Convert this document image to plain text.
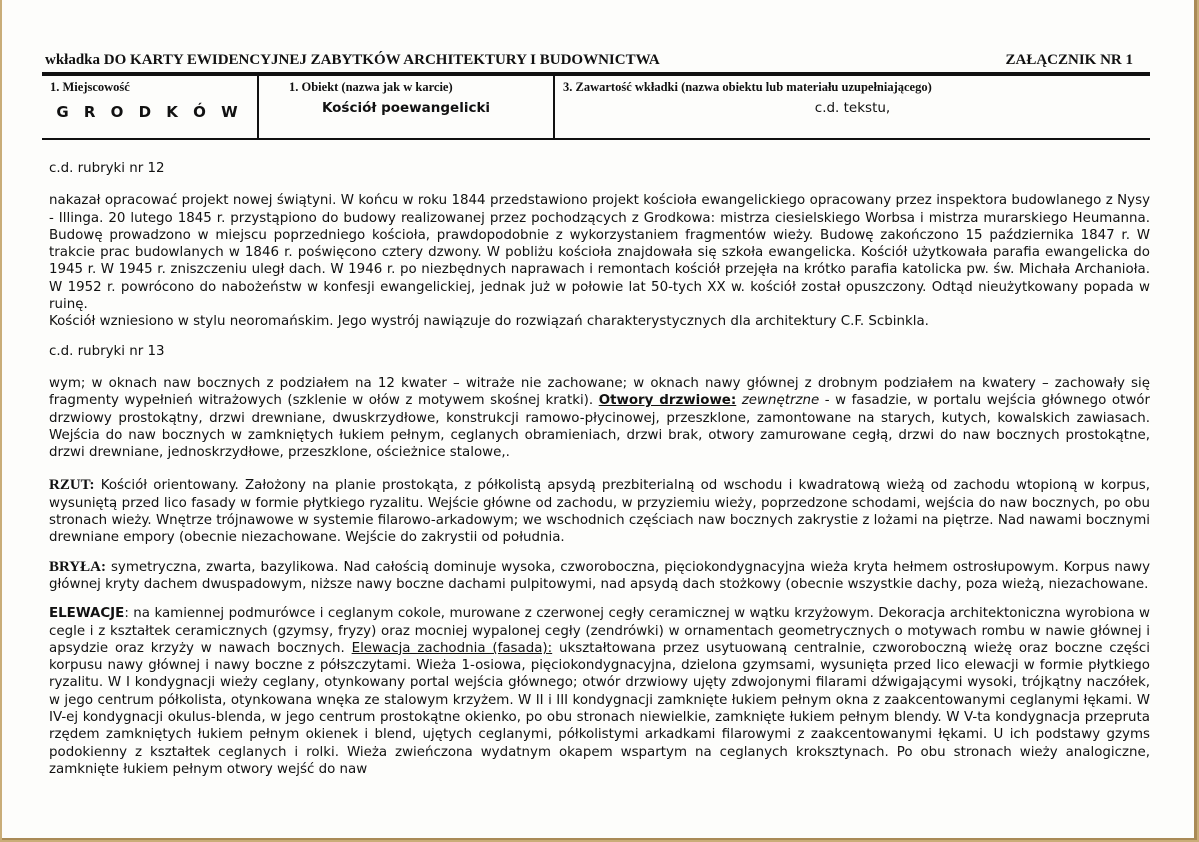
wkładka DO KARTY EWIDENCYJNEJ ZABYTKÓW ARCHITEKTURY I BUDOWNICTWA	ZAŁĄCZNIK NR 1
1. Miejscowość
G R O D K Ó W
1. Obiekt (nazwa jak w karcie)
Kościół poewangelicki
3. Zawartość wkładki (nazwa obiektu lub materiału uzupełniającego)
c.d. tekstu,

c.d. rubryki nr 12

nakazał opracować projekt nowej świątyni. W końcu w roku 1844 przedstawiono projekt kościoła ewangelickiego opracowany przez inspektora budowlanego z Nysy - Illinga. 20 lutego 1845 r. przystąpiono do budowy realizowanej przez pochodzących z Grodkowa: mistrza ciesielskiego Worbsa i mistrza murarskiego Heumanna. Budowę prowadzono w miejscu poprzedniego kościoła, prawdopodobnie z wykorzystaniem fragmentów wieży. Budowę zakończono 15 października 1847 r. W trakcie prac budowlanych w 1846 r. poświęcono cztery dzwony. W pobliżu kościoła znajdowała się szkoła ewangelicka. Kościół użytkowała parafia ewangelicka do 1945 r. W 1945 r. zniszczeniu uległ dach. W 1946 r. po niezbędnych naprawach i remontach kościół przejęła na krótko parafia katolicka pw. św. Michała Archanioła. W 1952 r. powrócono do nabożeństw w konfesji ewangelickiej, jednak już w połowie lat 50-tych XX w. kościół został opuszczony. Odtąd nieużytkowany popada w ruinę.

Kościół wzniesiono w stylu neoromańskim. Jego wystrój nawiązuje do rozwiązań charakterystycznych dla architektury C.F. Scbinkla.

c.d. rubryki nr 13

wym; w oknach naw bocznych z podziałem na 12 kwater – witraże nie zachowane; w oknach nawy głównej z drobnym podziałem na kwatery – zachowały się fragmenty wypełnień witrażowych (szklenie w ołów z motywem skośnej kratki). Otwory drzwiowe: zewnętrzne - w fasadzie, w portalu wejścia głównego otwór drzwiowy prostokątny, drzwi drewniane, dwuskrzydłowe, konstrukcji ramowo-płycinowej, przeszklone, zamontowane na starych, kutych, kowalskich zawiasach. Wejścia do naw bocznych w zamkniętych łukiem pełnym, ceglanych obramieniach, drzwi brak, otwory zamurowane cegłą, drzwi do naw bocznych prostokątne, drzwi drewniane, jednoskrzydłowe, przeszklone, ościeżnice stalowe,.

RZUT: Kościół orientowany. Założony na planie prostokąta, z półkolistą apsydą prezbiterialną od wschodu i kwadratową wieżą od zachodu wtopioną w korpus, wysuniętą przed lico fasady w formie płytkiego ryzalitu. Wejście główne od zachodu, w przyziemiu wieży, poprzedzone schodami, wejścia do naw bocznych, po obu stronach wieży. Wnętrze trójnawowe w systemie filarowo-arkadowym; we wschodnich częściach naw bocznych zakrystie z lożami na piętrze. Nad nawami bocznymi drewniane empory (obecnie niezachowane. Wejście do zakrystii od południa.

BRYŁA: symetryczna, zwarta, bazylikowa. Nad całością dominuje wysoka, czworoboczna, pięciokondygnacyjna wieża kryta hełmem ostrosłupowym. Korpus nawy głównej kryty dachem dwuspadowym, niższe nawy boczne dachami pulpitowymi, nad apsydą dach stożkowy (obecnie wszystkie dachy, poza wieżą, niezachowane.

ELEWACJE: na kamiennej podmurówce i ceglanym cokole, murowane z czerwonej cegły ceramicznej w wątku krzyżowym. Dekoracja architektoniczna wyrobiona w cegle i z kształtek ceramicznych (gzymsy, fryzy) oraz mocniej wypalonej cegły (zendrówki) w ornamentach geometrycznych o motywach rombu w nawie głównej i apsydzie oraz krzyży w nawach bocznych. Elewacja zachodnia (fasada): ukształtowana przez usytuowaną centralnie, czworoboczną wieżę oraz boczne części korpusu nawy głównej i nawy boczne z półszczytami. Wieża 1-osiowa, pięciokondygnacyjna, dzielona gzymsami, wysunięta przed lico elewacji w formie płytkiego ryzalitu. W I kondygnacji wieży ceglany, otynkowany portal wejścia głównego; otwór drzwiowy ujęty zdwojonymi filarami dźwigającymi wysoki, trójkątny naczółek, w jego centrum półkolista, otynkowana wnęka ze stalowym krzyżem. W II i III kondygnacji zamknięte łukiem pełnym okna z zaakcentowanymi ceglanymi łękami. W IV-ej kondygnacji okulus-blenda, w jego centrum prostokątne okienko, po obu stronach niewielkie, zamknięte łukiem pełnym blendy. W V-ta kondygnacja przeprutа rzędem zamkniętych łukiem pełnym okienek i blend, ujętych ceglanymi, półkolistymi arkadkami filarowymi z zaakcentowanymi łękami. U ich podstawy gzyms podokienny z kształtek ceglanych i rolki. Wieża zwieńczona wydatnym okapem wspartym na ceglanych kroksztynach. Po obu stronach wieży analogiczne, zamknięte łukiem pełnym otwory wejść do naw
